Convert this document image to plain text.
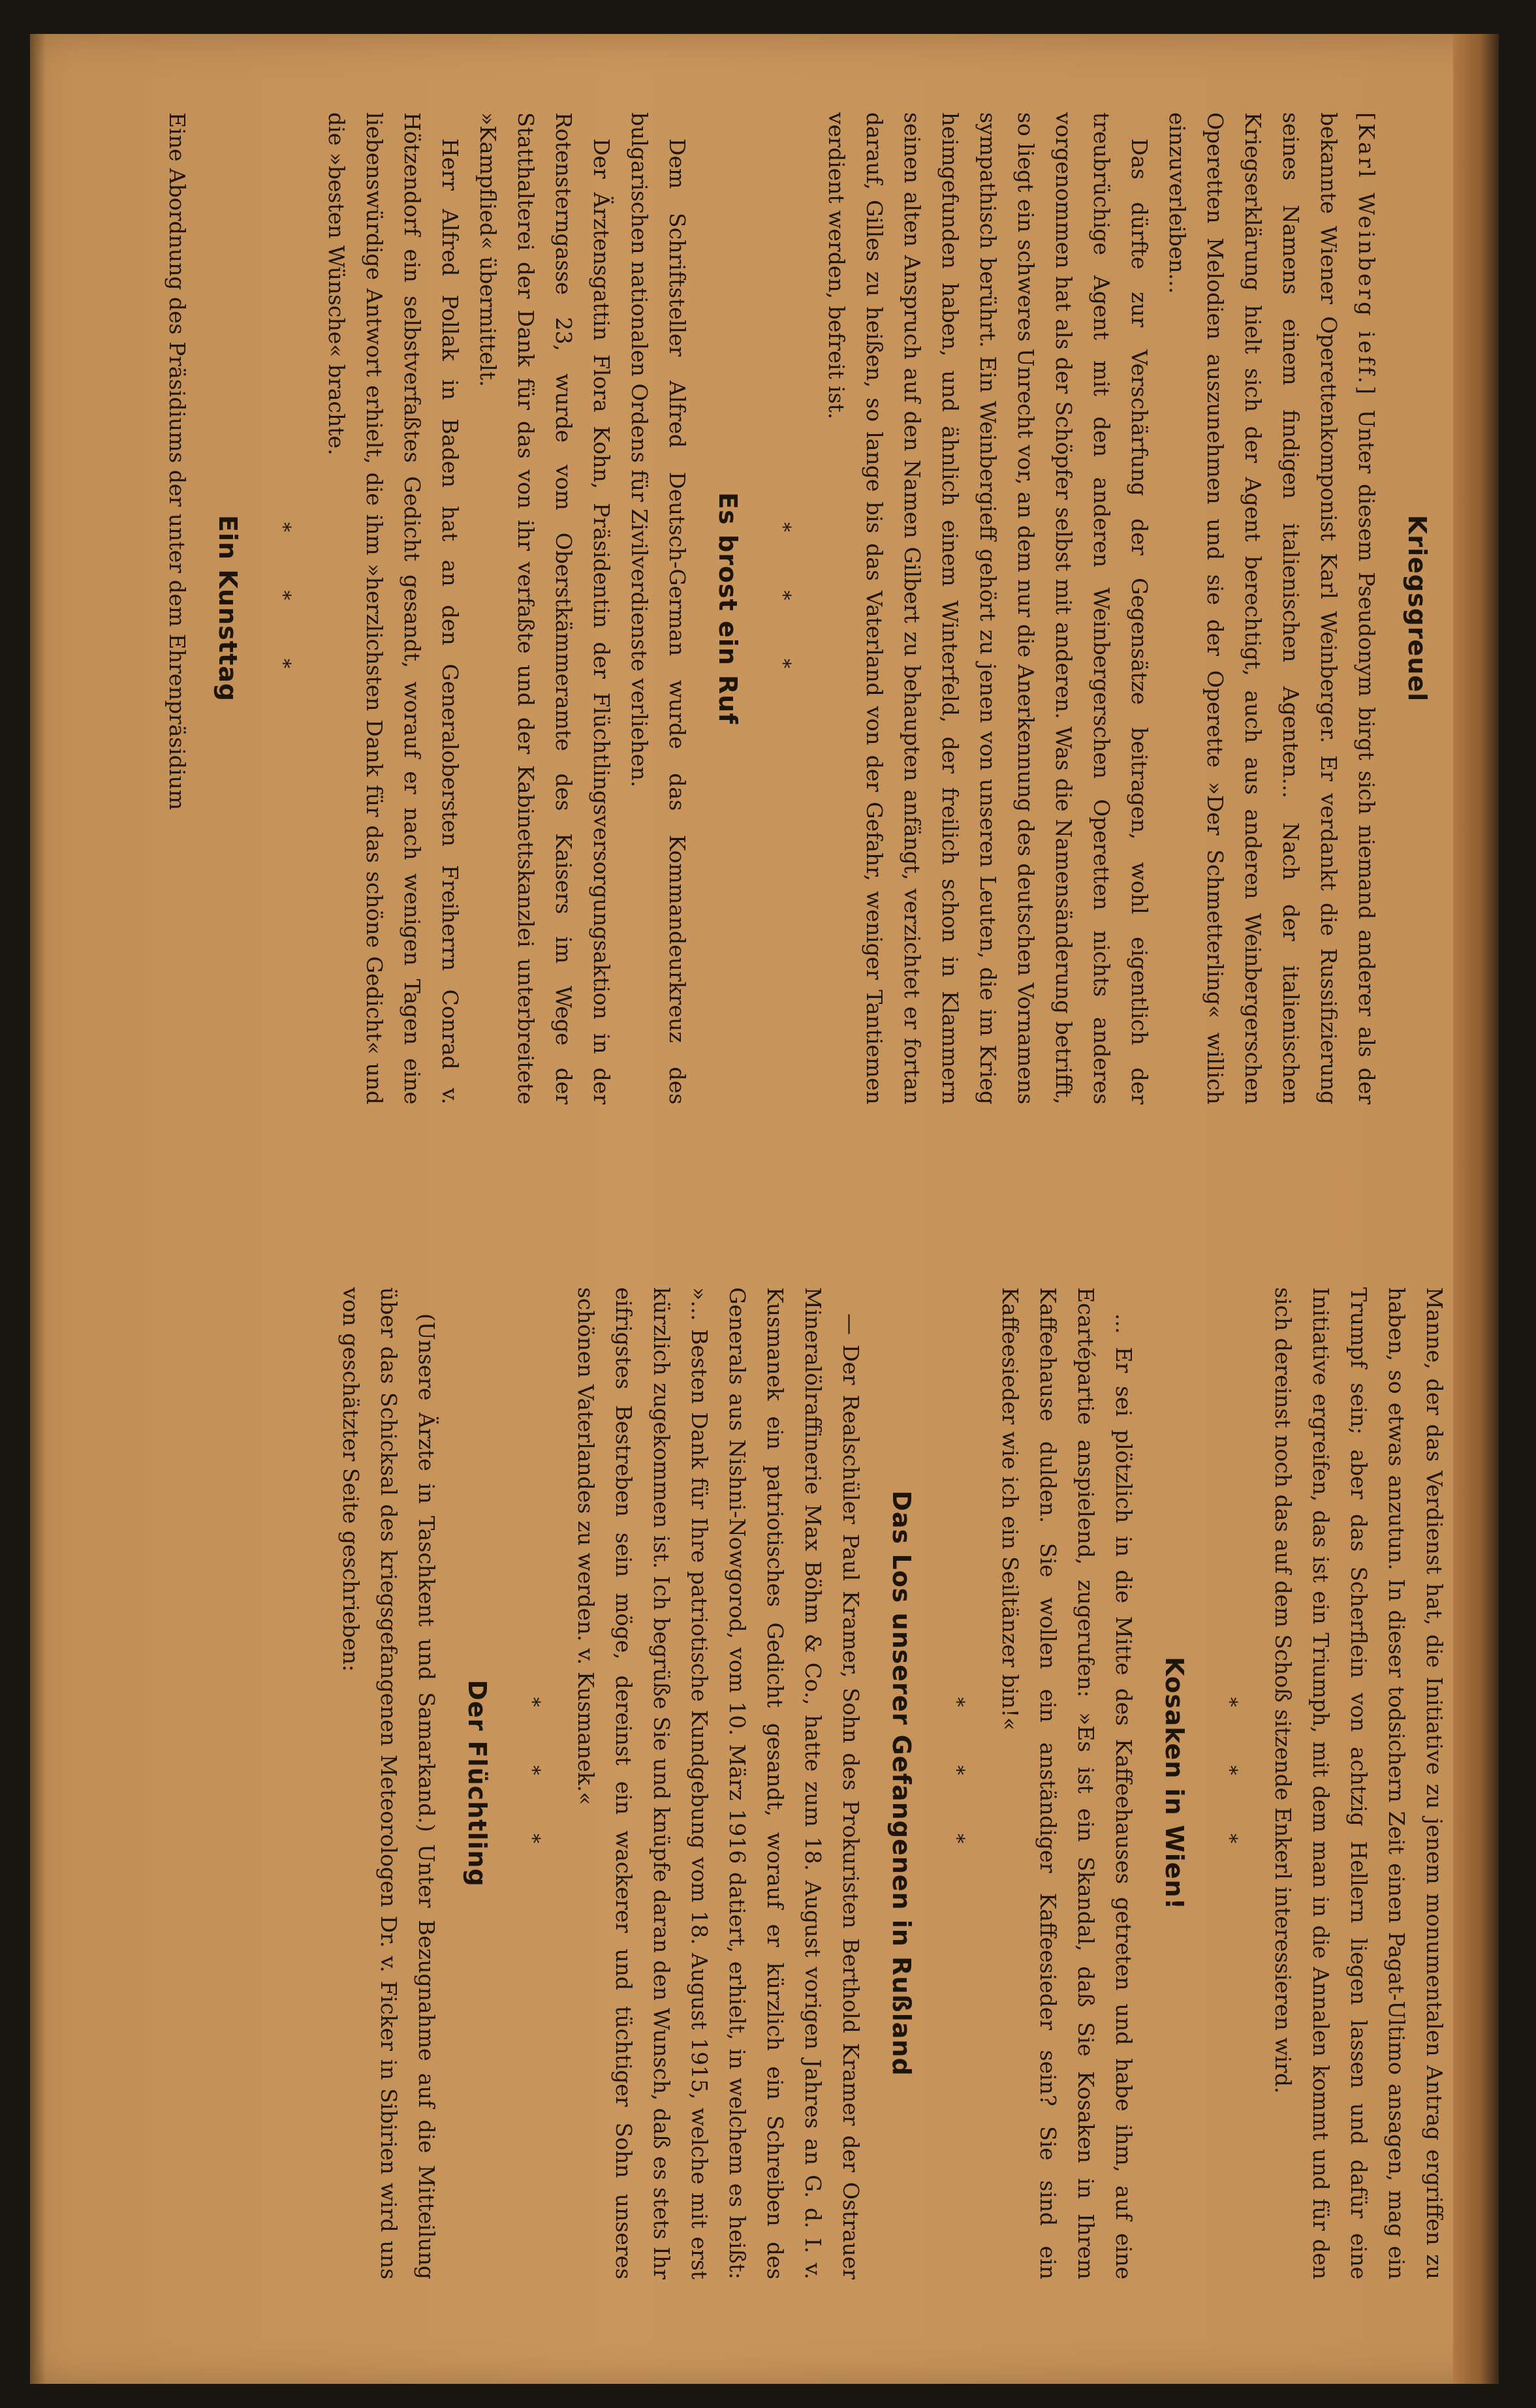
Kriegsgreuel

[Karl Weinberg ieff.] Unter diesem Pseudonym birgt sich niemand anderer als der bekannte Wiener Operettenkomponist Karl Weinberger. Er verdankt die Russifizierung seines Namens einem findigen italienischen Agenten... Nach der italienischen Kriegserklärung hielt sich der Agent berechtigt, auch aus anderen Weinbergerschen Operetten Melodien auszunehmen und sie der Operette »Der Schmetterling« willich einzuverleiben...

Das dürfte zur Verschärfung der Gegensätze beitragen, wohl eigentlich der treubrüchige Agent mit den anderen Weinbergerschen Operetten nichts anderes vorgenommen hat als der Schöpfer selbst mit anderen. Was die Namensänderung betrifft, so liegt ein schweres Unrecht vor, an dem nur die Anerkennung des deutschen Vornamens sympathisch berührt. Ein Weinbergieff gehört zu jenen von unseren Leuten, die im Krieg heimgefunden haben, und ähnlich einem Winterfeld, der freilich schon in Klammern seinen alten Anspruch auf den Namen Gilbert zu behaupten anfängt, verzichtet er fortan darauf, Gilles zu heißen, so lange bis das Vaterland von der Gefahr, weniger Tantiemen verdient werden, befreit ist.

* * *
Es brost ein Ruf

Dem Schriftsteller Alfred Deutsch-German wurde das Kommandeurkreuz des bulgarischen nationalen Ordens für Zivilverdienste verliehen.

Der Ärztensgattin Flora Kohn, Präsidentin der Flüchtlingsversorgungsaktion in der Rotensterngasse 23, wurde vom Oberstkämmeramte des Kaisers im Wege der Statthalterei der Dank für das von ihr verfaßte und der Kabinettskanzlei unterbreitete »Kampflied« übermittelt.

Herr Alfred Pollak in Baden hat an den Generalobersten Freiherrn Conrad v. Hötzendorf ein selbstverfaßtes Gedicht gesandt, worauf er nach wenigen Tagen eine liebenswürdige Antwort erhielt, die ihm »herzlichsten Dank für das schöne Gedicht« und die »besten Wünsche« brachte.

* * *
Ein Kunsttag

Eine Abordnung des Präsidiums der unter dem Ehrenpräsidium

Manne, der das Verdienst hat, die Initiative zu jenem monumentalen Antrag ergriffen zu haben, so etwas anzutun. In dieser todsichern Zeit einen Pagat-Ultimo ansagen, mag ein Trumpf sein; aber das Scherflein von achtzig Hellern liegen lassen und dafür eine Initiative ergreifen, das ist ein Triumph, mit dem man in die Annalen kommt und für den sich dereinst noch das auf dem Schoß sitzende Enkerl interessieren wird.

* * *
Kosaken in Wien!

... Er sei plötzlich in die Mitte des Kaffeehauses getreten und habe ihm, auf eine Ecartépartie anspielend, zugerufen: »Es ist ein Skandal, daß Sie Kosaken in Ihrem Kaffeehause dulden. Sie wollen ein anständiger Kaffeesieder sein? Sie sind ein Kaffeesieder wie ich ein Seiltänzer bin!«

* * *
Das Los unserer Gefangenen in Rußland

— Der Realschüler Paul Kramer, Sohn des Prokuristen Berthold Kramer der Ostrauer Mineralölraffinerie Max Böhm & Co., hatte zum 18. August vorigen Jahres an G. d. I. v. Kusmanek ein patriotisches Gedicht gesandt, worauf er kürzlich ein Schreiben des Generals aus Nishni-Nowgorod, vom 10. März 1916 datiert, erhielt, in welchem es heißt: »... Besten Dank für Ihre patriotische Kundgebung vom 18. August 1915, welche mit erst kürzlich zugekommen ist. Ich begrüße Sie und knüpfe daran den Wunsch, daß es stets Ihr eifrigstes Bestreben sein möge, dereinst ein wackerer und tüchtiger Sohn unseres schönen Vaterlandes zu werden. v. Kusmanek.«

* * *
Der Flüchtling

(Unsere Ärzte in Taschkent und Samarkand.) Unter Bezugnahme auf die Mitteilung über das Schicksal des kriegsgefangenen Meteorologen Dr. v. Ficker in Sibirien wird uns von geschätzter Seite geschrieben:
